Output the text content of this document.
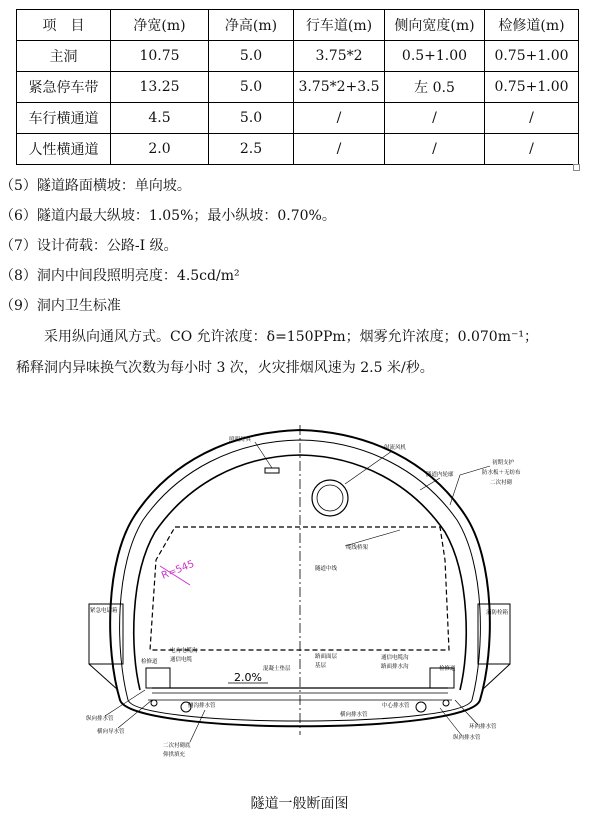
项　目	净宽(m)	净高(m)	行车道(m)	侧向宽度(m)	检修道(m)
主洞	10.75	5.0	3.75*2	0.5+1.00	0.75+1.00
紧急停车带	13.25	5.0	3.75*2+3.5	左 0.5	0.75+1.00
车行横通道	4.5	5.0	/	/	/
人性横通道	2.0	2.5	/	/	/
（5）隧道路面横坡：单向坡。
（6）隧道内最大纵坡：1.05%；最小纵坡：0.70%。
（7）设计荷载：公路-I 级。
（8）洞内中间段照明亮度：4.5cd/m²
（9）洞内卫生标准
　　采用纵向通风方式。CO 允许浓度：δ=150PPm；烟雾允许浓度；0.070m⁻¹；
稀释洞内异味换气次数为每小时 3 次，火灾排烟风速为 2.5 米/秒。
R=545
2.0%
照明灯具
射流风机
隧道内轮廓
初期支护
防水板＋无纺布
二次衬砌
缆线桥架
隧道中线
紧急电话箱	消防栓箱
电力电缆沟
通信电缆	路面面层
基层
通信电缆沟
路面排水沟
混凝土垫层
检修道
检修道
侧沟排水管	中心排水管
横向排水管
纵向排水管
横向导水管
二次衬砌底
仰拱填充
环向排水管
纵向排水管
隧道一般断面图
